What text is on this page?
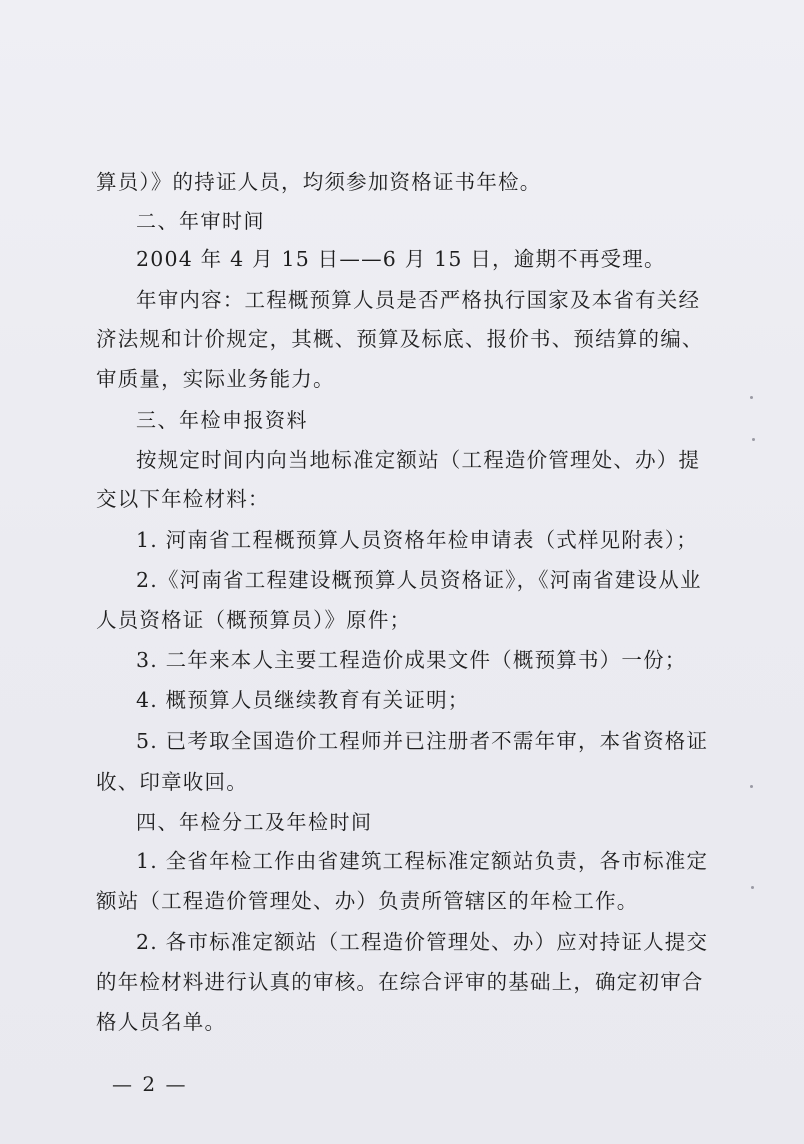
算员）》的持证人员，均须参加资格证书年检。
二、年审时间
2004 年 4 月 15 日——6 月 15 日，逾期不再受理。
年审内容：工程概预算人员是否严格执行国家及本省有关经
济法规和计价规定，其概、预算及标底、报价书、预结算的编、
审质量，实际业务能力。
三、年检申报资料
按规定时间内向当地标准定额站（工程造价管理处、办）提
交以下年检材料：
1. 河南省工程概预算人员资格年检申请表（式样见附表）；
2.《河南省工程建设概预算人员资格证》，《河南省建设从业
人员资格证（概预算员）》原件；
3. 二年来本人主要工程造价成果文件（概预算书）一份；
4. 概预算人员继续教育有关证明；
5. 已考取全国造价工程师并已注册者不需年审，本省资格证
收、印章收回。
四、年检分工及年检时间
1. 全省年检工作由省建筑工程标准定额站负责，各市标准定
额站（工程造价管理处、办）负责所管辖区的年检工作。
2. 各市标准定额站（工程造价管理处、办）应对持证人提交
的年检材料进行认真的审核。在综合评审的基础上，确定初审合
格人员名单。
— 2 —
